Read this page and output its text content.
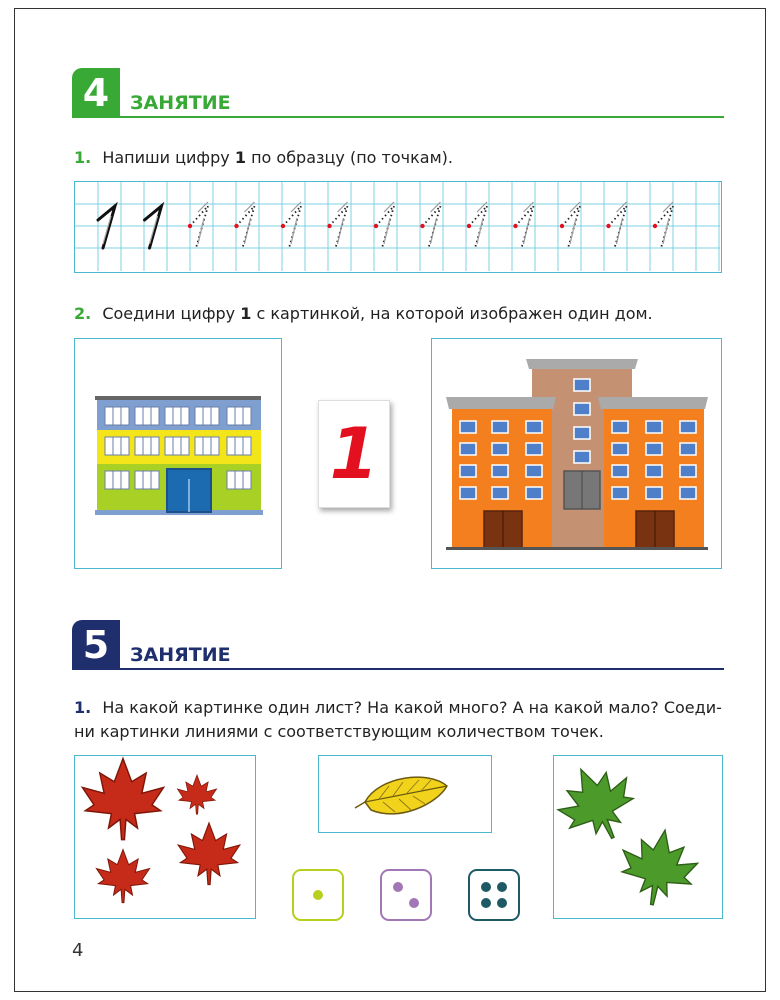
4	ЗАНЯТИЕ
1. Напиши цифру 1 по образцу (по точкам).
2. Соедини цифру 1 с картинкой, на которой изображен один дом.
1
5	ЗАНЯТИЕ
1. На какой картинке один лист? На какой много? А на какой мало? Соедини картинки линиями с соответствующим количеством точек.
4
